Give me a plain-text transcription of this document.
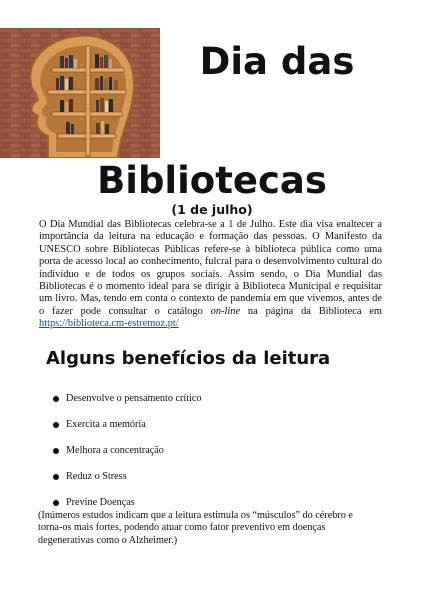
Dia das
Bibliotecas
(1 de julho)

O Dia Mundial das Bibliotecas celebra-se a 1 de Julho. Este dia visa enaltecer a importância da leitura na educação e formação das pessoas. O Manifesto da UNESCO sobre Bibliotecas Públicas refere-se à biblioteca pública como uma porta de acesso local ao conhecimento, fulcral para o desenvolvimento cultural do indivíduo e de todos os grupos sociais. Assim sendo, o Dia Mundial das Bibliotecas é o momento ideal para se dirigir à Biblioteca Municipal e requisitar um livro. Mas, tendo em conta o contexto de pandemia em que vivemos, antes de o fazer pode consultar o catálogo on-line na página da Biblioteca em https://biblioteca.cm-estremoz.pt/

Alguns benefícios da leitura
Desenvolve o pensamento crítico
Exercita a memória
Melhora a concentração
Reduz o Stress
Previne Doenças
(Inúmeros estudos indicam que a leitura estimula os “músculos” do cérebro e torna-os mais fortes, podendo atuar como fator preventivo em doenças degenerativas como o Alzheimer.)
